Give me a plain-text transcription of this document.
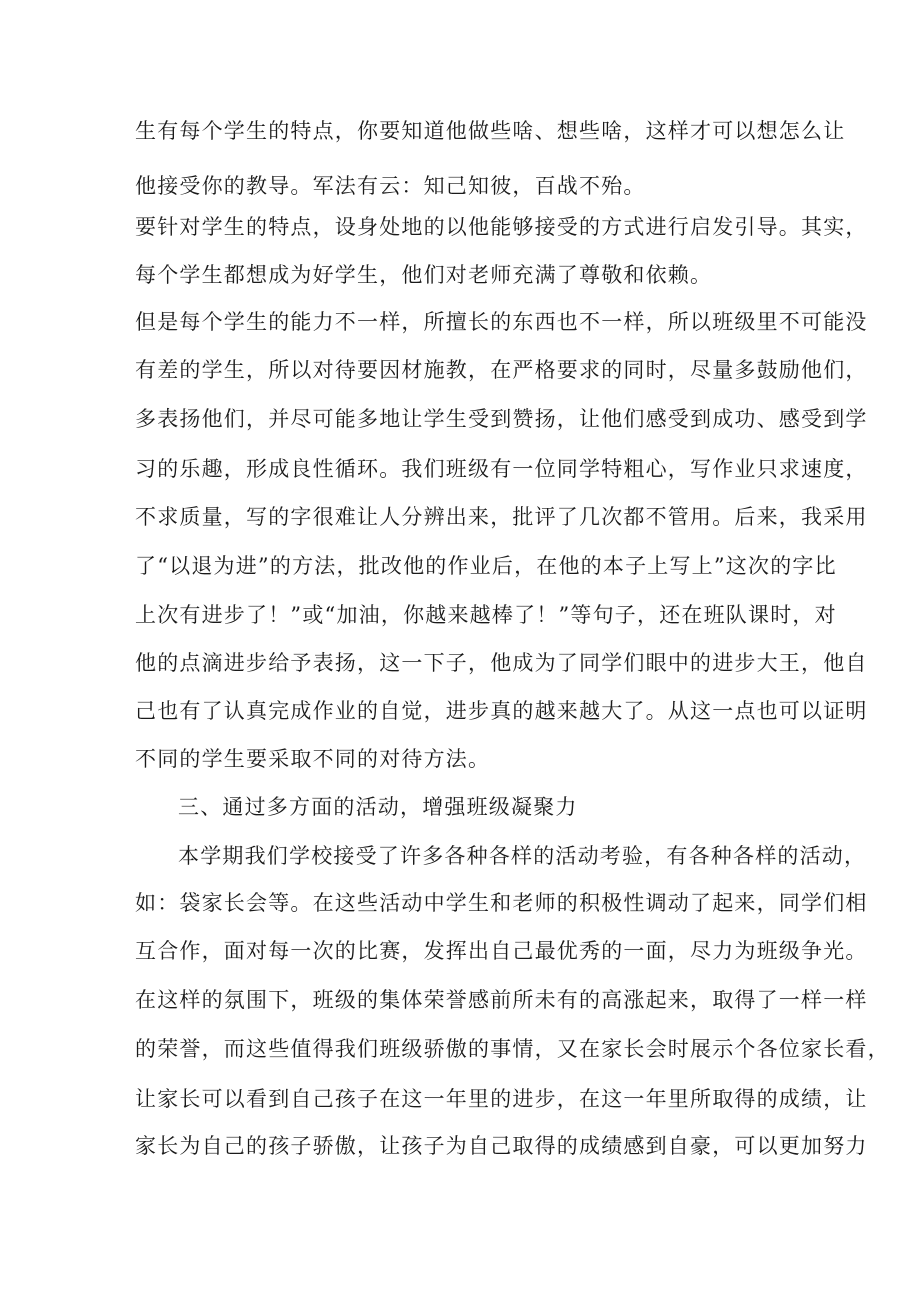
生有每个学生的特点，你要知道他做些啥、想些啥，这样才可以想怎么让
他接受你的教导。军法有云：知己知彼，百战不殆。
要针对学生的特点，设身处地的以他能够接受的方式进行启发引导。其实，
每个学生都想成为好学生，他们对老师充满了尊敬和依赖。
但是每个学生的能力不一样，所擅长的东西也不一样，所以班级里不可能没
有差的学生，所以对待要因材施教，在严格要求的同时，尽量多鼓励他们，
多表扬他们，并尽可能多地让学生受到赞扬，让他们感受到成功、感受到学
习的乐趣，形成良性循环。我们班级有一位同学特粗心，写作业只求速度，
不求质量，写的字很难让人分辨出来，批评了几次都不管用。后来，我采用
了“以退为进”的方法，批改他的作业后，在他的本子上写上”这次的字比
上次有进步了！”或“加油，你越来越棒了！”等句子，还在班队课时，对
他的点滴进步给予表扬，这一下子，他成为了同学们眼中的进步大王，他自
己也有了认真完成作业的自觉，进步真的越来越大了。从这一点也可以证明
不同的学生要采取不同的对待方法。
三、通过多方面的活动，增强班级凝聚力
本学期我们学校接受了许多各种各样的活动考验，有各种各样的活动，
如：袋家长会等。在这些活动中学生和老师的积极性调动了起来，同学们相
互合作，面对每一次的比赛，发挥出自己最优秀的一面，尽力为班级争光。
在这样的氛围下，班级的集体荣誉感前所未有的高涨起来，取得了一样一样
的荣誉，而这些值得我们班级骄傲的事情，又在家长会时展示个各位家长看，
让家长可以看到自己孩子在这一年里的进步，在这一年里所取得的成绩，让
家长为自己的孩子骄傲，让孩子为自己取得的成绩感到自豪，可以更加努力
